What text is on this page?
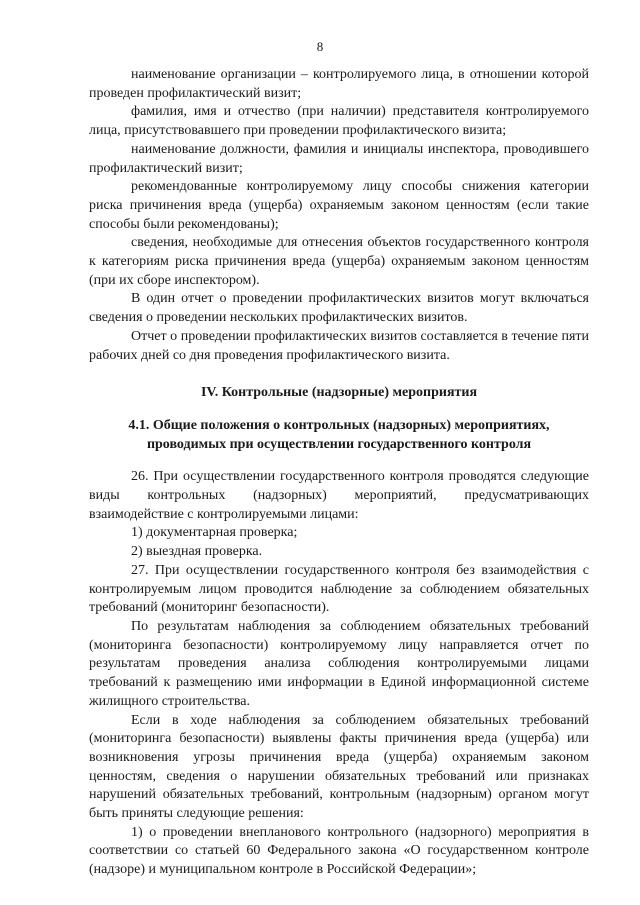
8

наименование организации – контролируемого лица, в отношении которой проведен профилактический визит;

фамилия, имя и отчество (при наличии) представителя контролируемого лица, присутствовавшего при проведении профилактического визита;

наименование должности, фамилия и инициалы инспектора, проводившего профилактический визит;

рекомендованные контролируемому лицу способы снижения категории риска причинения вреда (ущерба) охраняемым законом ценностям (если такие способы были рекомендованы);

сведения, необходимые для отнесения объектов государственного контроля к категориям риска причинения вреда (ущерба) охраняемым законом ценностям (при их сборе инспектором).

В один отчет о проведении профилактических визитов могут включаться сведения о проведении нескольких профилактических визитов.

Отчет о проведении профилактических визитов составляется в течение пяти рабочих дней со дня проведения профилактического визита.

IV. Контрольные (надзорные) мероприятия

4.1. Общие положения о контрольных (надзорных) мероприятиях, проводимых при осуществлении государственного контроля

26. При осуществлении государственного контроля проводятся следующие виды контрольных (надзорных) мероприятий, предусматривающих взаимодействие с контролируемыми лицами:

1) документарная проверка;

2) выездная проверка.

27. При осуществлении государственного контроля без взаимодействия с контролируемым лицом проводится наблюдение за соблюдением обязательных требований (мониторинг безопасности).

По результатам наблюдения за соблюдением обязательных требований (мониторинга безопасности) контролируемому лицу направляется отчет по результатам проведения анализа соблюдения контролируемыми лицами требований к размещению ими информации в Единой информационной системе жилищного строительства.

Если в ходе наблюдения за соблюдением обязательных требований (мониторинга безопасности) выявлены факты причинения вреда (ущерба) или возникновения угрозы причинения вреда (ущерба) охраняемым законом ценностям, сведения о нарушении обязательных требований или признаках нарушений обязательных требований, контрольным (надзорным) органом могут быть приняты следующие решения:

1) о проведении внепланового контрольного (надзорного) мероприятия в соответствии со статьей 60 Федерального закона «О государственном контроле (надзоре) и муниципальном контроле в Российской Федерации»;
